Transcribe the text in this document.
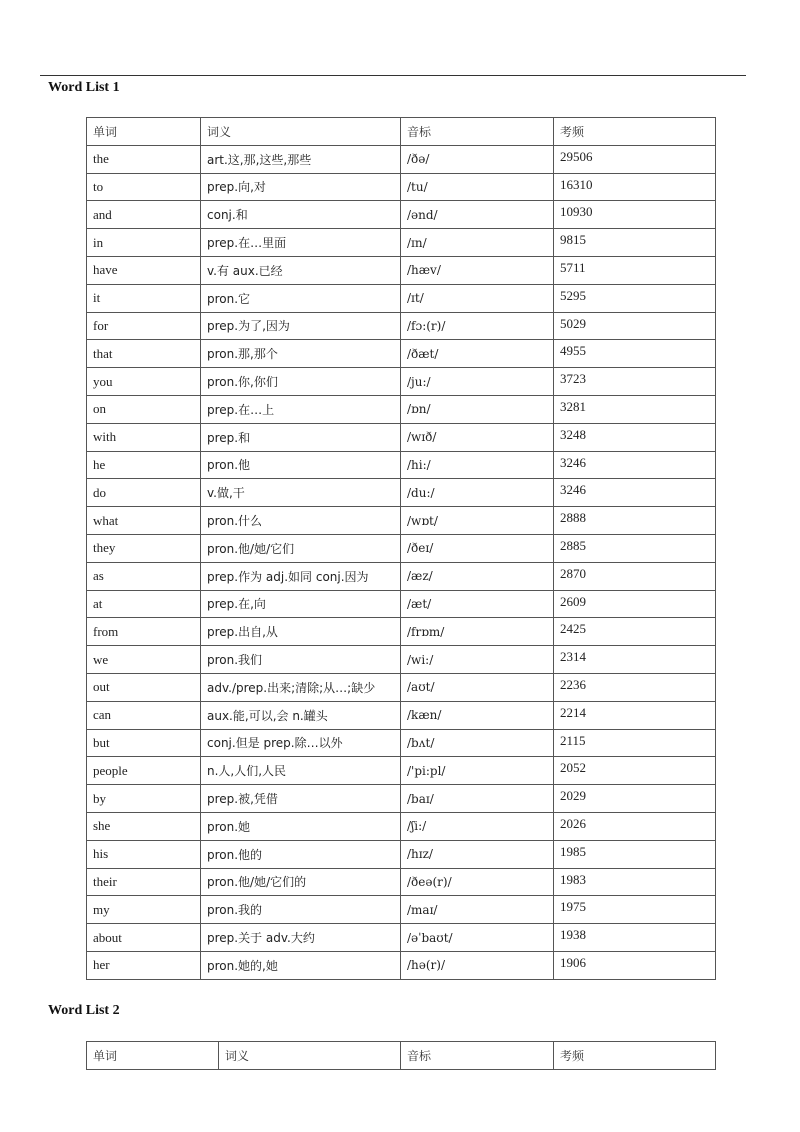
Word List 1
单词	词义	音标	考频
the	art.这,那,这些,那些	/ðə/	29506
to	prep.向,对	/tu/	16310
and	conj.和	/ənd/	10930
in	prep.在…里面	/ɪn/	9815
have	v.有 aux.已经	/hæv/	5711
it	pron.它	/ɪt/	5295
for	prep.为了,因为	/fɔ:(r)/	5029
that	pron.那,那个	/ðæt/	4955
you	pron.你,你们	/ju:/	3723
on	prep.在…上	/ɒn/	3281
with	prep.和	/wɪð/	3248
he	pron.他	/hi:/	3246
do	v.做,干	/du:/	3246
what	pron.什么	/wɒt/	2888
they	pron.他/她/它们	/ðeɪ/	2885
as	prep.作为 adj.如同 conj.因为	/æz/	2870
at	prep.在,向	/æt/	2609
from	prep.出自,从	/frɒm/	2425
we	pron.我们	/wi:/	2314
out	adv./prep.出来;清除;从…;缺少	/aʊt/	2236
can	aux.能,可以,会 n.罐头	/kæn/	2214
but	conj.但是 prep.除…以外	/bʌt/	2115
people	n.人,人们,人民	/'pi:pl/	2052
by	prep.被,凭借	/baɪ/	2029
she	pron.她	/ʃi:/	2026
his	pron.他的	/hɪz/	1985
their	pron.他/她/它们的	/ðeə(r)/	1983
my	pron.我的	/maɪ/	1975
about	prep.关于 adv.大约	/əˈbaʊt/	1938
her	pron.她的,她	/hə(r)/	1906
Word List 2
单词	词义	音标	考频
